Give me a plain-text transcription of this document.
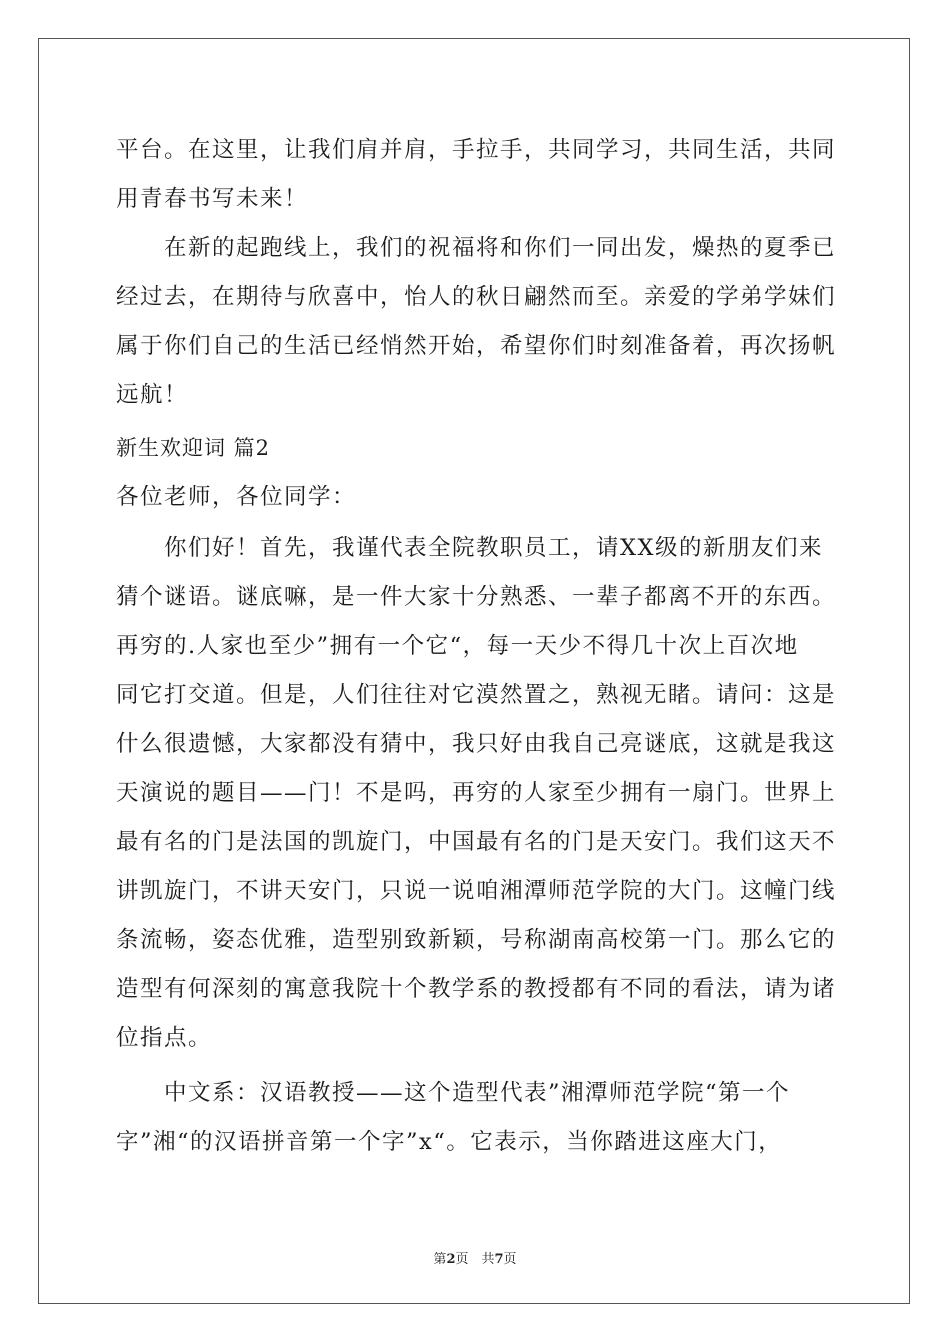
平台。在这里，让我们肩并肩，手拉手，共同学习，共同生活，共同
用青春书写未来！
在新的起跑线上，我们的祝福将和你们一同出发，燥热的夏季已
经过去，在期待与欣喜中，怡人的秋日翩然而至。亲爱的学弟学妹们
属于你们自己的生活已经悄然开始，希望你们时刻准备着，再次扬帆
远航！
新生欢迎词 篇2
各位老师，各位同学：
你们好！首先，我谨代表全院教职员工，请XX级的新朋友们来
猜个谜语。谜底嘛，是一件大家十分熟悉、一辈子都离不开的东西。
再穷的.人家也至少”拥有一个它“，每一天少不得几十次上百次地
同它打交道。但是，人们往往对它漠然置之，熟视无睹。请问：这是
什么很遗憾，大家都没有猜中，我只好由我自己亮谜底，这就是我这
天演说的题目——门！不是吗，再穷的人家至少拥有一扇门。世界上
最有名的门是法国的凯旋门，中国最有名的门是天安门。我们这天不
讲凯旋门，不讲天安门，只说一说咱湘潭师范学院的大门。这幢门线
条流畅，姿态优雅，造型别致新颖，号称湖南高校第一门。那么它的
造型有何深刻的寓意我院十个教学系的教授都有不同的看法，请为诸
位指点。
中文系：汉语教授——这个造型代表”湘潭师范学院“第一个
字”湘“的汉语拼音第一个字”x“。它表示，当你踏进这座大门，
第2页　共7页
